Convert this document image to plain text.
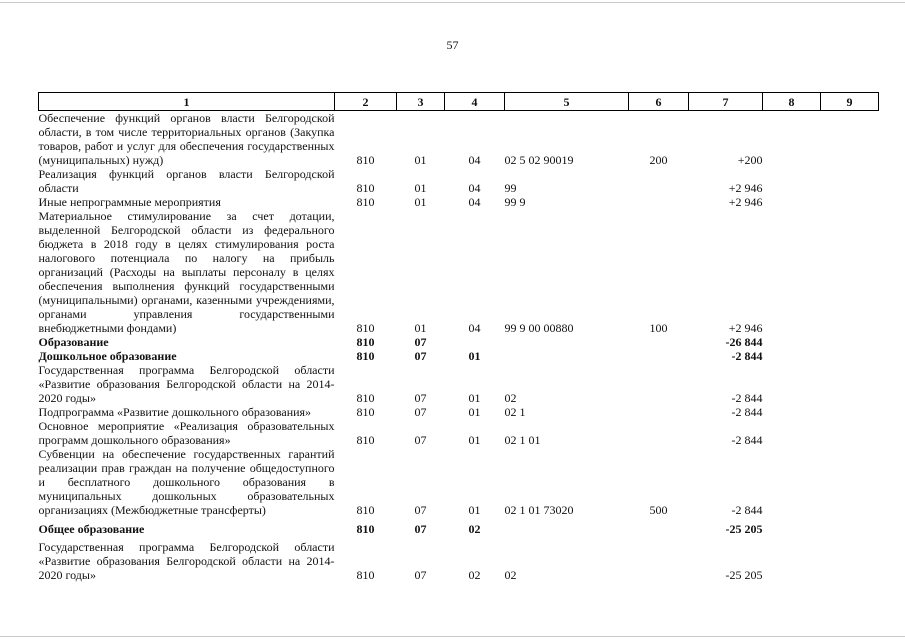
57
1	2	3	4	5	6	7	8	9
Обеспечение функций органов власти Белгородской области, в том числе территориальных органов (Закупка товаров, работ и услуг для обеспечения государственных (муниципальных) нужд)	810	01	04	02 5 02 90019	200	+200		
Реализация функций органов власти Белгородской области	810	01	04	99		+2 946		
Иные непрограммные мероприятия	810	01	04	99 9		+2 946		
Материальное стимулирование за счет дотации, выделенной Белгородской области из федерального бюджета в 2018 году в целях стимулирования роста налогового потенциала по налогу на прибыль организаций (Расходы на выплаты персоналу в целях обеспечения выполнения функций государственными (муниципальными) органами, казенными учреждениями, органами управления государственными внебюджетными фондами)	810	01	04	99 9 00 00880	100	+2 946		
Образование	810	07				-26 844		
Дошкольное образование	810	07	01			-2 844		
Государственная программа Белгородской области «Развитие образования Белгородской области на 2014-2020 годы»	810	07	01	02		-2 844		
Подпрограмма «Развитие дошкольного образования»	810	07	01	02 1		-2 844		
Основное мероприятие «Реализация образовательных программ дошкольного образования»	810	07	01	02 1 01		-2 844		
Субвенции на обеспечение государственных гарантий реализации прав граждан на получение общедоступного и бесплатного дошкольного образования в муниципальных дошкольных образовательных организациях (Межбюджетные трансферты)	810	07	01	02 1 01 73020	500	-2 844		
Общее образование	810	07	02			-25 205		
Государственная программа Белгородской области «Развитие образования Белгородской области на 2014-2020 годы»	810	07	02	02		-25 205		
